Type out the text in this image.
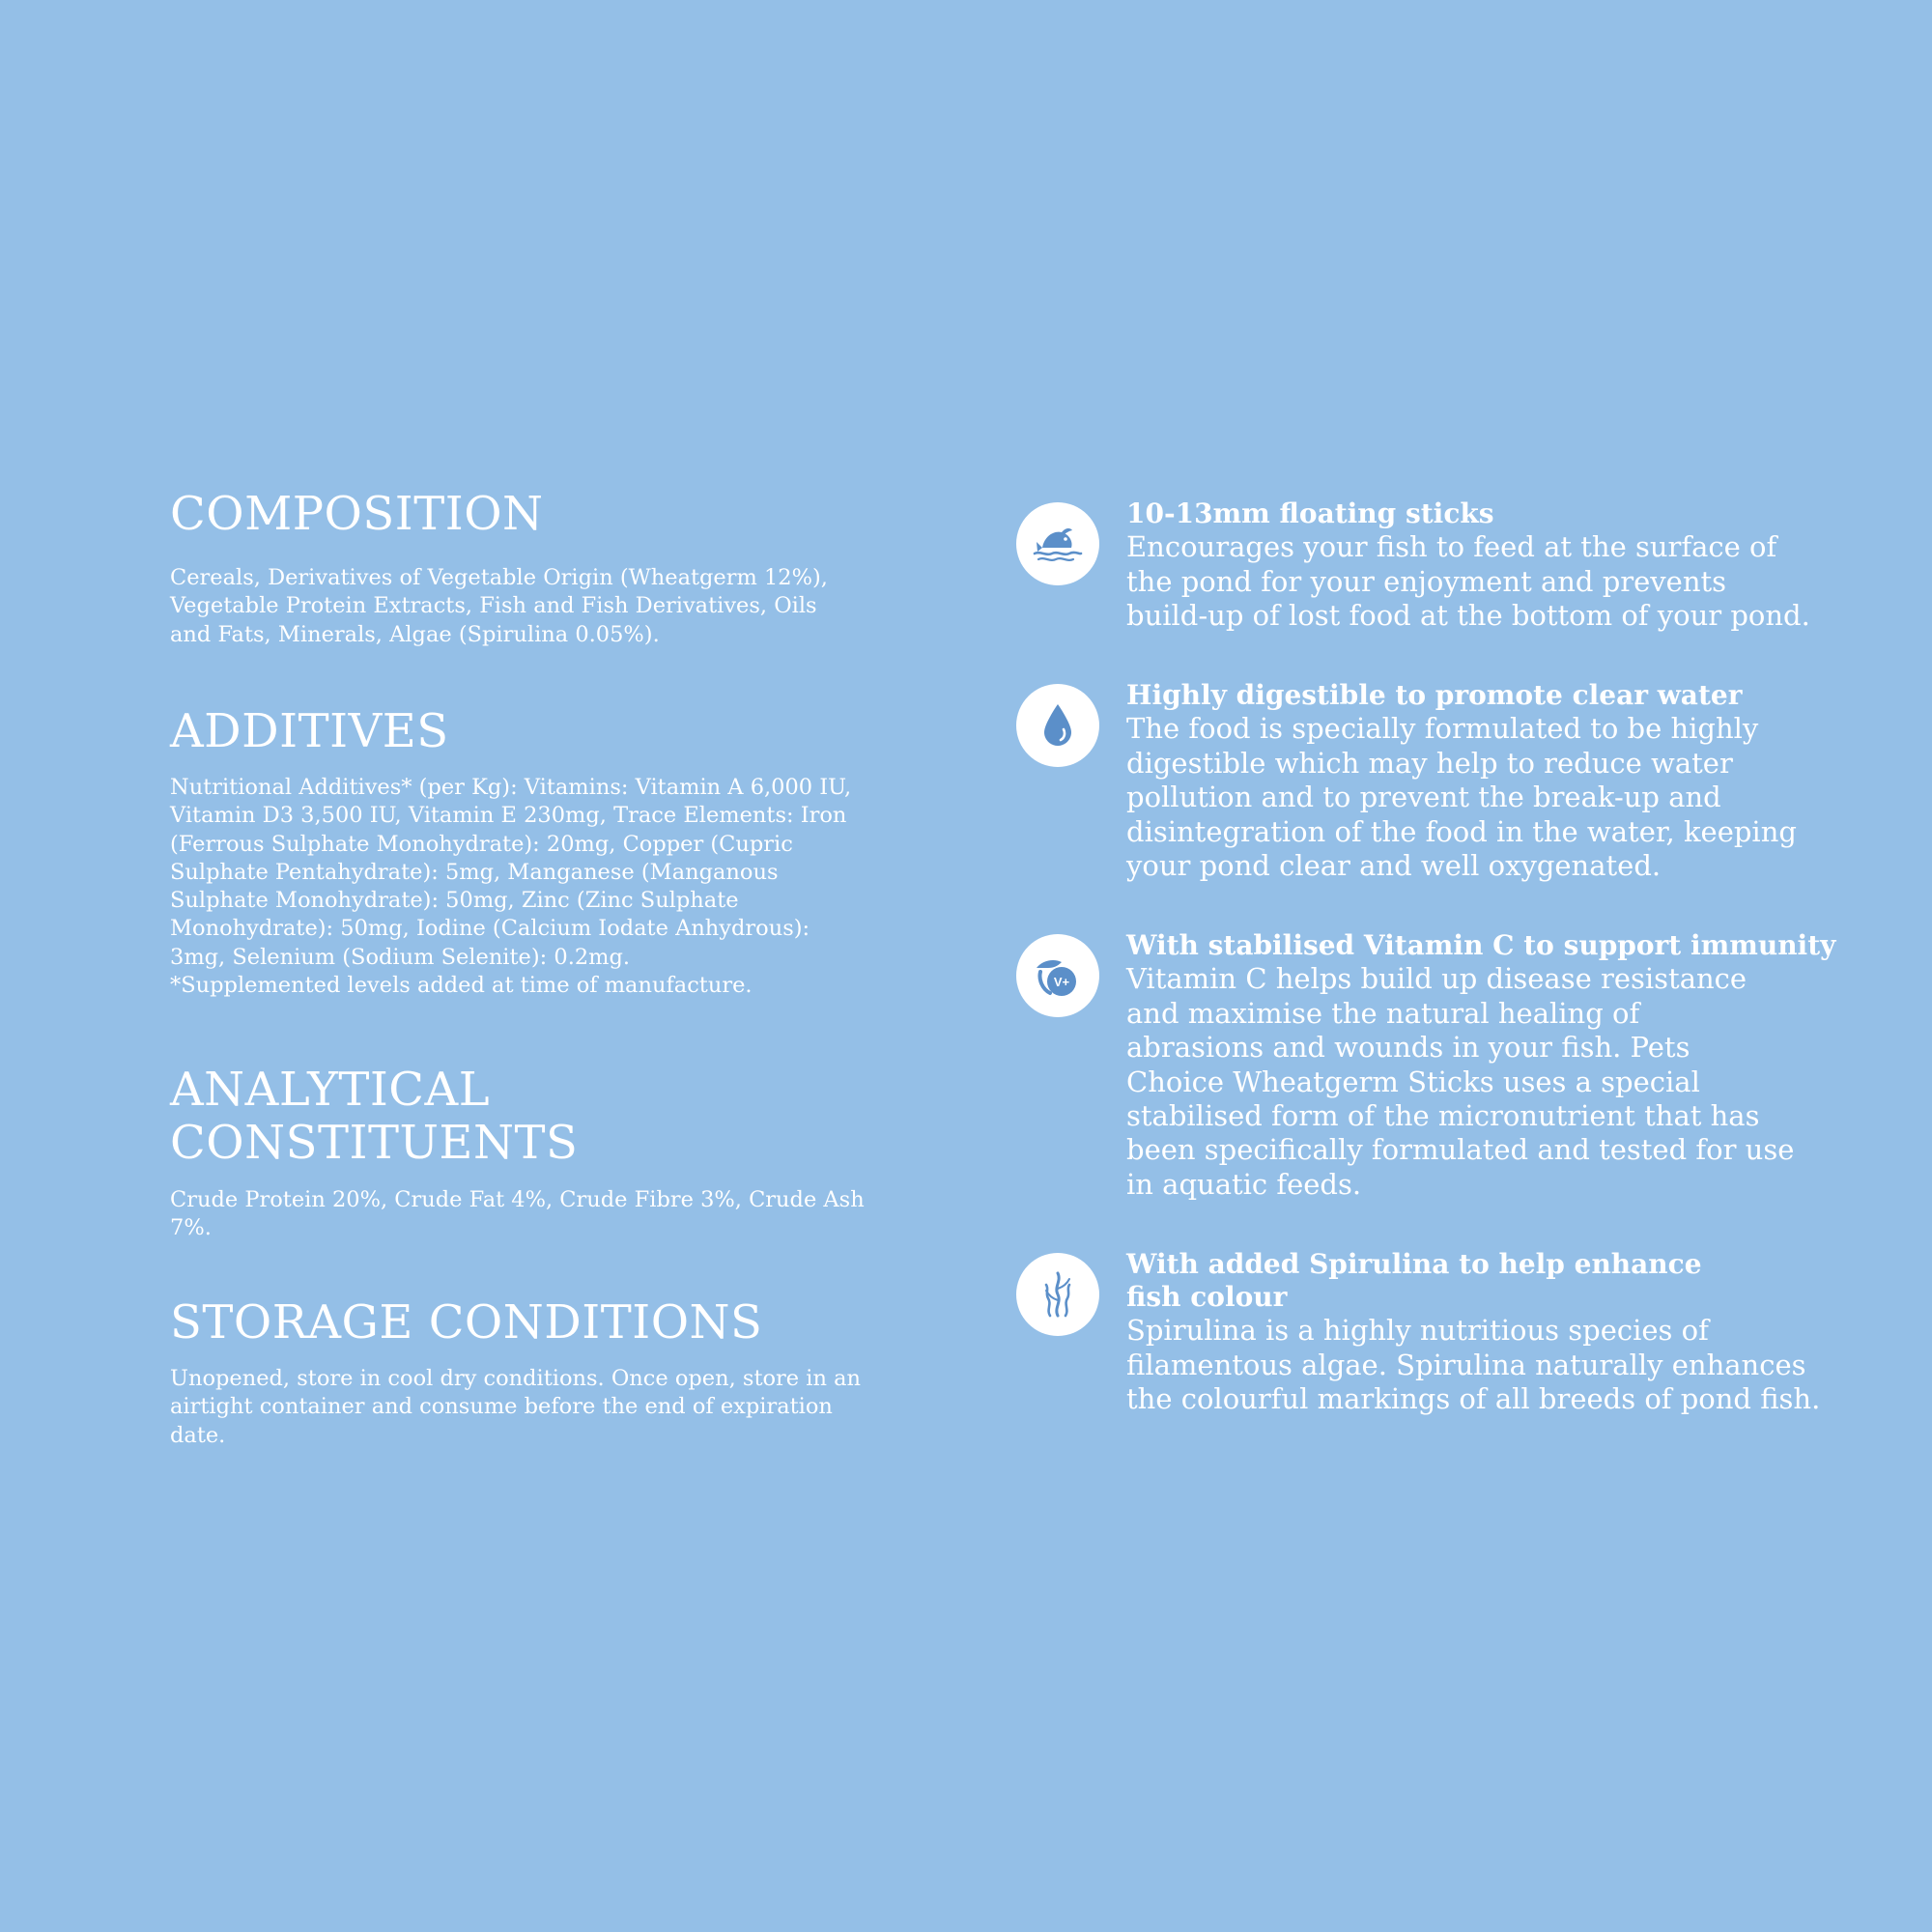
COMPOSITION

Cereals, Derivatives of Vegetable Origin (Wheatgerm 12%),
Vegetable Protein Extracts, Fish and Fish Derivatives, Oils
and Fats, Minerals, Algae (Spirulina 0.05%).

ADDITIVES

Nutritional Additives* (per Kg): Vitamins: Vitamin A 6,000 IU,
Vitamin D3 3,500 IU, Vitamin E 230mg, Trace Elements: Iron
(Ferrous Sulphate Monohydrate): 20mg, Copper (Cupric
Sulphate Pentahydrate): 5mg, Manganese (Manganous
Sulphate Monohydrate): 50mg, Zinc (Zinc Sulphate
Monohydrate): 50mg, Iodine (Calcium Iodate Anhydrous):
3mg, Selenium (Sodium Selenite): 0.2mg.
*Supplemented levels added at time of manufacture.

ANALYTICAL CONSTITUENTS

Crude Protein 20%, Crude Fat 4%, Crude Fibre 3%, Crude Ash 7%.

STORAGE CONDITIONS

Unopened, store in cool dry conditions. Once open, store in an
airtight container and consume before the end of expiration date.

10-13mm floating sticks

Encourages your fish to feed at the surface of
the pond for your enjoyment and prevents
build-up of lost food at the bottom of your pond.

Highly digestible to promote clear water

The food is specially formulated to be highly
digestible which may help to reduce water
pollution and to prevent the break-up and
disintegration of the food in the water, keeping
your pond clear and well oxygenated.

V+
With stabilised Vitamin C to support immunity

Vitamin C helps build up disease resistance
and maximise the natural healing of
abrasions and wounds in your fish. Pets
Choice Wheatgerm Sticks uses a special
stabilised form of the micronutrient that has
been specifically formulated and tested for use
in aquatic feeds.

With added Spirulina to help enhance
fish colour

Spirulina is a highly nutritious species of
filamentous algae. Spirulina naturally enhances
the colourful markings of all breeds of pond fish.
